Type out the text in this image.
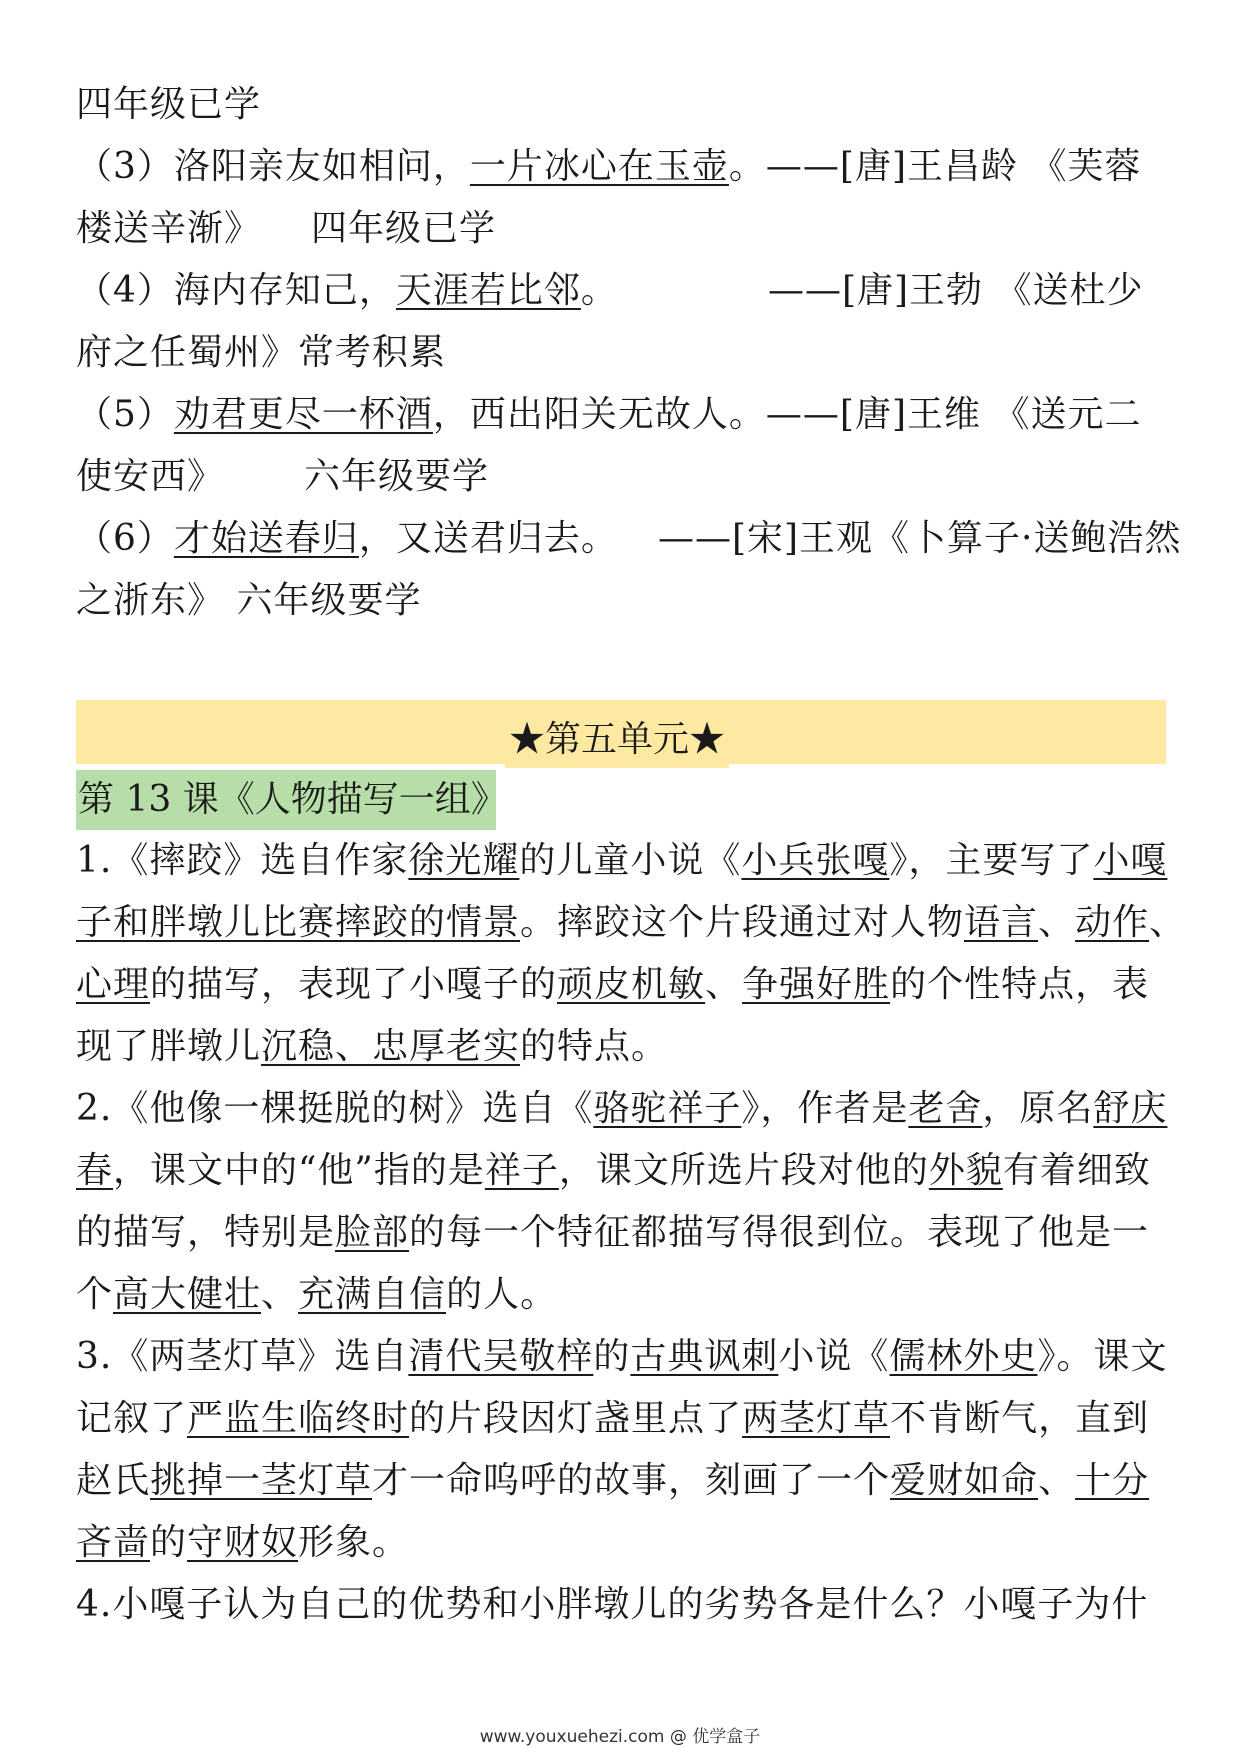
四年级已学
（3）洛阳亲友如相问，一片冰心在玉壶。——[唐]王昌龄 《芙蓉
楼送辛渐》 四年级已学
（4）海内存知己，天涯若比邻。	——[唐]王勃 《送杜少
府之任蜀州》常考积累
（5）劝君更尽一杯酒，西出阳关无故人。——[唐]王维 《送元二
使安西》 六年级要学
（6）才始送春归，又送君归去。 ——[宋]王观《卜算子·送鲍浩然
之浙东》 六年级要学
★第五单元★
第 13 课《人物描写一组》
1.《摔跤》选自作家徐光耀的儿童小说《小兵张嘎》，主要写了小嘎
子和胖墩儿比赛摔跤的情景。摔跤这个片段通过对人物语言、动作、
心理的描写，表现了小嘎子的顽皮机敏、争强好胜的个性特点，表
现了胖墩儿沉稳、忠厚老实的特点。
2.《他像一棵挺脱的树》选自《骆驼祥子》，作者是老舍，原名舒庆
春，课文中的“他”指的是祥子，课文所选片段对他的外貌有着细致
的描写，特别是脸部的每一个特征都描写得很到位。表现了他是一
个高大健壮、充满自信的人。
3.《两茎灯草》选自清代吴敬梓的古典讽刺小说《儒林外史》。课文
记叙了严监生临终时的片段因灯盏里点了两茎灯草不肯断气，直到
赵氏挑掉一茎灯草才一命呜呼的故事，刻画了一个爱财如命、十分
吝啬的守财奴形象。
4.小嘎子认为自己的优势和小胖墩儿的劣势各是什么？小嘎子为什
www.youxuehezi.com @ 优学盒子
